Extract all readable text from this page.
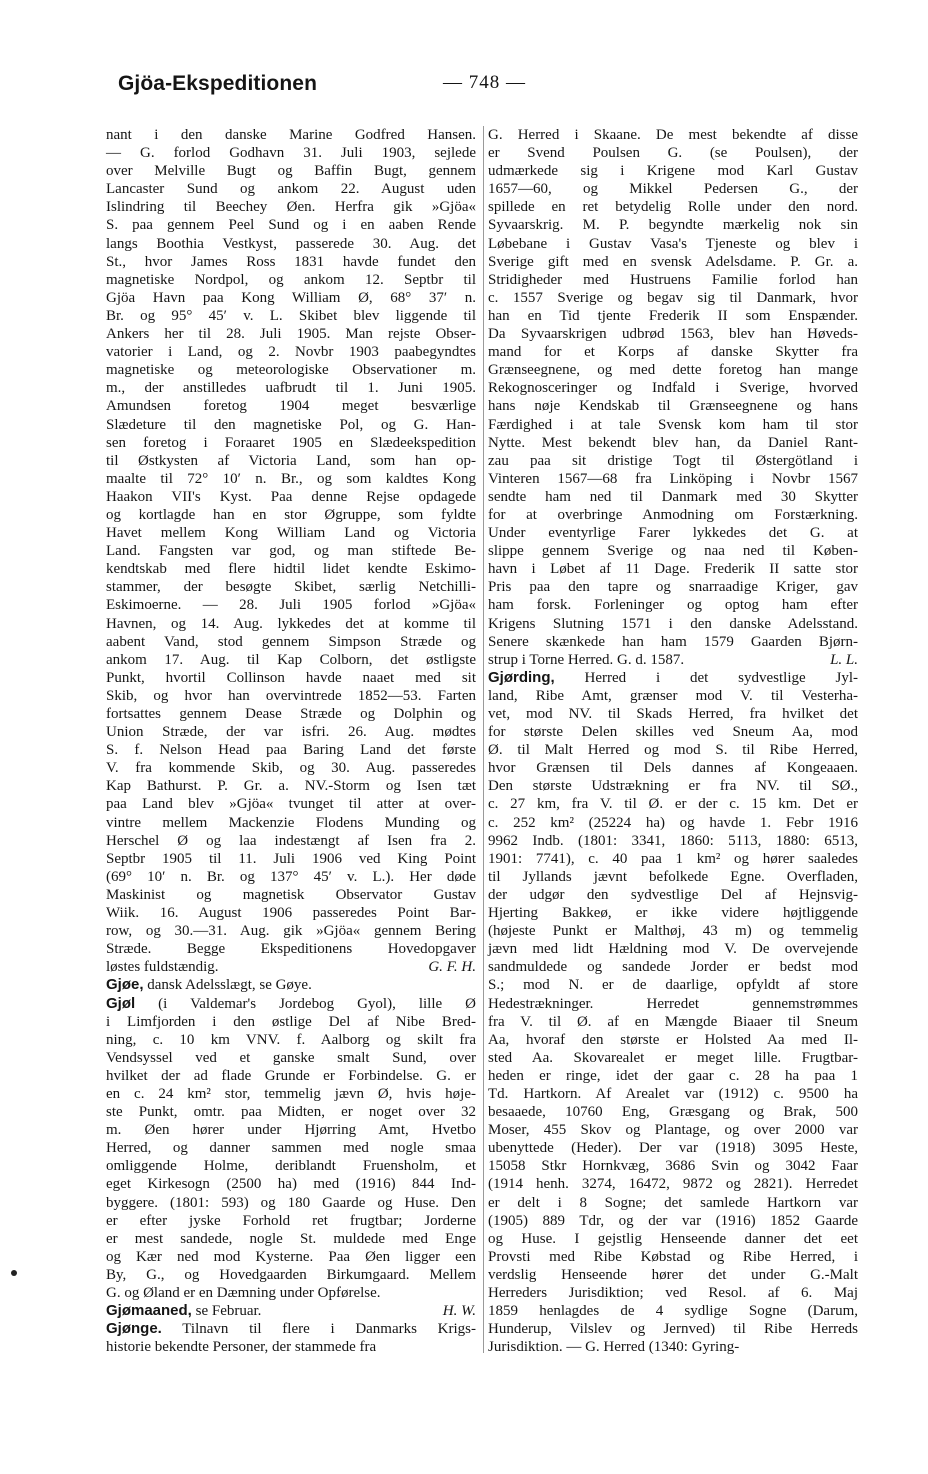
Gjöa-Ekspeditionen	— 748 —
nant i den danske Marine Godfred Hansen.
— G. forlod Godhavn 31. Juli 1903, sejlede
over Melville Bugt og Baffin Bugt, gennem
Lancaster Sund og ankom 22. August uden
Islindring til Beechey Øen. Herfra gik »Gjöa«
S. paa gennem Peel Sund og i en aaben Rende
langs Boothia Vestkyst, passerede 30. Aug. det
St., hvor James Ross 1831 havde fundet den
magnetiske Nordpol, og ankom 12. Septbr til
Gjöa Havn paa Kong William Ø, 68° 37′ n.
Br. og 95° 45′ v. L. Skibet blev liggende til
Ankers her til 28. Juli 1905. Man rejste Obser-
vatorier i Land, og 2. Novbr 1903 paabegyndtes
magnetiske og meteorologiske Observationer m.
m., der anstilledes uafbrudt til 1. Juni 1905.
Amundsen foretog 1904 meget besværlige
Slædeture til den magnetiske Pol, og G. Han-
sen foretog i Foraaret 1905 en Slædeekspedition
til Østkysten af Victoria Land, som han op-
maalte til 72° 10′ n. Br., og som kaldtes Kong
Haakon VII's Kyst. Paa denne Rejse opdagede
og kortlagde han en stor Øgruppe, som fyldte
Havet mellem Kong William Land og Victoria
Land. Fangsten var god, og man stiftede Be-
kendtskab med flere hidtil lidet kendte Eskimo-
stammer, der besøgte Skibet, særlig Netchilli-
Eskimoerne. — 28. Juli 1905 forlod »Gjöa«
Havnen, og 14. Aug. lykkedes det at komme til
aabent Vand, stod gennem Simpson Stræde og
ankom 17. Aug. til Kap Colborn, det østligste
Punkt, hvortil Collinson havde naaet med sit
Skib, og hvor han overvintrede 1852—53. Farten
fortsattes gennem Dease Stræde og Dolphin og
Union Stræde, der var isfri. 26. Aug. mødtes
S. f. Nelson Head paa Baring Land det første
V. fra kommende Skib, og 30. Aug. passeredes
Kap Bathurst. P. Gr. a. NV.-Storm og Isen tæt
paa Land blev »Gjöa« tvunget til atter at over-
vintre mellem Mackenzie Flodens Munding og
Herschel Ø og laa indestængt af Isen fra 2.
Septbr 1905 til 11. Juli 1906 ved King Point
(69° 10′ n. Br. og 137° 45′ v. L.). Her døde
Maskinist og magnetisk Observator Gustav
Wiik. 16. August 1906 passeredes Point Bar-
row, og 30.—31. Aug. gik »Gjöa« gennem Bering
Stræde. Begge Ekspeditionens Hovedopgaver
løstes fuldstændig.	G. F. H.
Gjøe, dansk Adelsslægt, se Gøye.
Gjøl (i Valdemar's Jordebog Gyol), lille Ø
i Limfjorden i den østlige Del af Nibe Bred-
ning, c. 10 km VNV. f. Aalborg og skilt fra
Vendsyssel ved et ganske smalt Sund, over
hvilket der ad flade Grunde er Forbindelse. G. er
en c. 24 km² stor, temmelig jævn Ø, hvis høje-
ste Punkt, omtr. paa Midten, er noget over 32
m. Øen hører under Hjørring Amt, Hvetbo
Herred, og danner sammen med nogle smaa
omliggende Holme, deriblandt Fruensholm, et
eget Kirkesogn (2500 ha) med (1916) 844 Ind-
byggere. (1801: 593) og 180 Gaarde og Huse. Den
er efter jyske Forhold ret frugtbar; Jorderne
er mest sandede, nogle St. muldede med Enge
og Kær ned mod Kysterne. Paa Øen ligger een
By, G., og Hovedgaarden Birkumgaard. Mellem
G. og Øland er en Dæmning under Opførelse.
Gjømaaned, se Februar.	H. W.
Gjønge. Tilnavn til flere i Danmarks Krigs-
historie bekendte Personer, der stammede fra
G. Herred i Skaane. De mest bekendte af disse
er Svend Poulsen G. (se Poulsen), der
udmærkede sig i Krigene mod Karl Gustav
1657—60, og Mikkel Pedersen G., der
spillede en ret betydelig Rolle under den nord.
Syvaarskrig. M. P. begyndte mærkelig nok sin
Løbebane i Gustav Vasa's Tjeneste og blev i
Sverige gift med en svensk Adelsdame. P. Gr. a.
Stridigheder med Hustruens Familie forlod han
c. 1557 Sverige og begav sig til Danmark, hvor
han en Tid tjente Frederik II som Enspænder.
Da Syvaarskrigen udbrød 1563, blev han Høveds-
mand for et Korps af danske Skytter fra
Grænseegnene, og med dette foretog han mange
Rekognosceringer og Indfald i Sverige, hvorved
hans nøje Kendskab til Grænseegnene og hans
Færdighed i at tale Svensk kom ham til stor
Nytte. Mest bekendt blev han, da Daniel Rant-
zau paa sit dristige Togt til Østergötland i
Vinteren 1567—68 fra Linköping i Novbr 1567
sendte ham ned til Danmark med 30 Skytter
for at overbringe Anmodning om Forstærkning.
Under eventyrlige Farer lykkedes det G. at
slippe gennem Sverige og naa ned til Køben-
havn i Løbet af 11 Dage. Frederik II satte stor
Pris paa den tapre og snarraadige Kriger, gav
ham forsk. Forleninger og optog ham efter
Krigens Slutning 1571 i den danske Adelsstand.
Senere skænkede han ham 1579 Gaarden Bjørn-
strup i Torne Herred. G. d. 1587.	L. L.
Gjørding, Herred i det sydvestlige Jyl-
land, Ribe Amt, grænser mod V. til Vesterha-
vet, mod NV. til Skads Herred, fra hvilket det
for største Delen skilles ved Sneum Aa, mod
Ø. til Malt Herred og mod S. til Ribe Herred,
hvor Grænsen til Dels dannes af Kongeaaen.
Den største Udstrækning er fra NV. til SØ.,
c. 27 km, fra V. til Ø. er der c. 15 km. Det er
c. 252 km² (25224 ha) og havde 1. Febr 1916
9962 Indb. (1801: 3341, 1860: 5113, 1880: 6513,
1901: 7741), c. 40 paa 1 km² og hører saaledes
til Jyllands jævnt befolkede Egne. Overfladen,
der udgør den sydvestlige Del af Hejnsvig-
Hjerting Bakkeø, er ikke videre højtliggende
(højeste Punkt er Malthøj, 43 m) og temmelig
jævn med lidt Hældning mod V. De overvejende
sandmuldede og sandede Jorder er bedst mod
S.; mod N. er de daarlige, opfyldt af store
Hedestrækninger. Herredet gennemstrømmes
fra V. til Ø. af en Mængde Biaaer til Sneum
Aa, hvoraf den største er Holsted Aa med Il-
sted Aa. Skovarealet er meget lille. Frugtbar-
heden er ringe, idet der gaar c. 28 ha paa 1
Td. Hartkorn. Af Arealet var (1912) c. 9500 ha
besaaede, 10760 Eng, Græsgang og Brak, 500
Moser, 455 Skov og Plantage, og over 2000 var
ubenyttede (Heder). Der var (1918) 3095 Heste,
15058 Stkr Hornkvæg, 3686 Svin og 3042 Faar
(1914 henh. 3274, 16472, 9872 og 2821). Herredet
er delt i 8 Sogne; det samlede Hartkorn var
(1905) 889 Tdr, og der var (1916) 1852 Gaarde
og Huse. I gejstlig Henseende danner det eet
Provsti med Ribe Købstad og Ribe Herred, i
verdslig Henseende hører det under G.-Malt
Herreders Jurisdiktion; ved Resol. af 6. Maj
1859 henlagdes de 4 sydlige Sogne (Darum,
Hunderup, Vilslev og Jernved) til Ribe Herreds
Jurisdiktion. — G. Herred (1340: Gyring-
